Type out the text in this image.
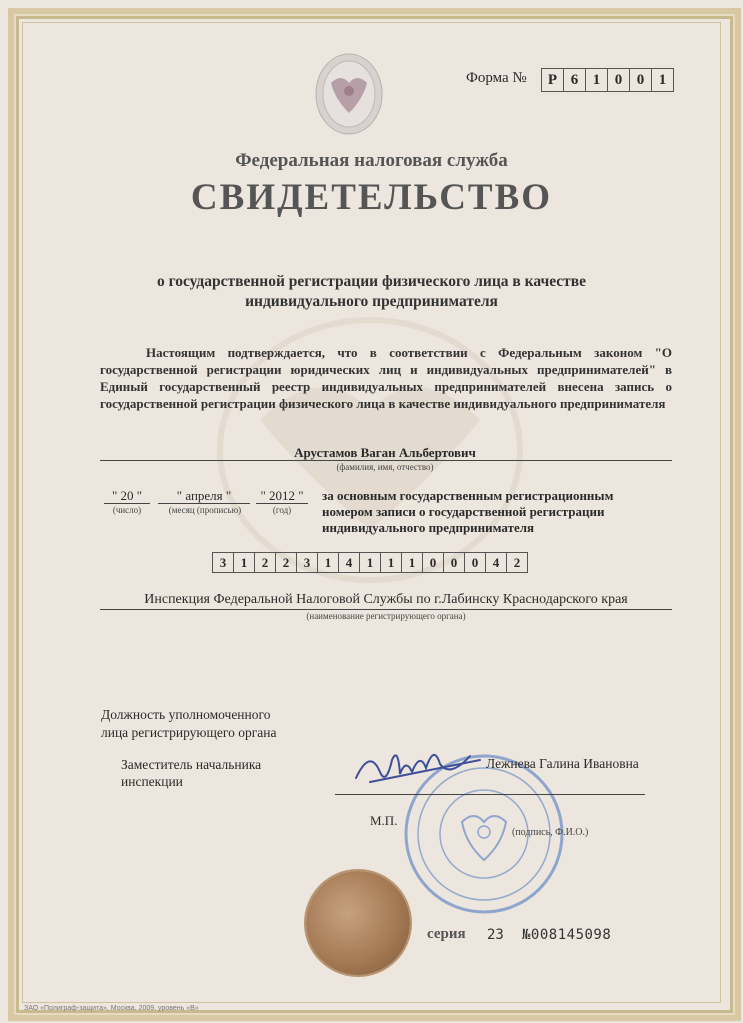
Форма №	Р 6 1 0 0 1
Федеральная налоговая служба
СВИДЕТЕЛЬСТВО
о государственной регистрации физического лица в качестве
индивидуального предпринимателя
Настоящим подтверждается, что в соответствии с Федеральным законом "О государственной регистрации юридических лиц и индивидуальных предпринимателей" в Единый государственный реестр индивидуальных предпринимателей внесена запись о государственной регистрации физического лица в качестве индивидуального предпринимателя
Арустамов Ваган Альбертович
(фамилия, имя, отчество)
" 20 "
(число)
" апреля "
(месяц (прописью)
" 2012 "
(год)
за основным государственным регистрационным номером записи о государственной регистрации индивидуального предпринимателя
3	1	2	2	3	1	4	1	1	1	0	0	0	4	2
Инспекция Федеральной Налоговой Службы по г.Лабинску Краснодарского края
(наименование регистрирующего органа)
Должность уполномоченного
лица регистрирующего органа
Заместитель начальника
инспекции
Лежнева Галина Ивановна
М.П.
(подпись, Ф.И.О.)
серия 23 №008145098
ЗАО «Полиграф-защита», Москва, 2009, уровень «В»
